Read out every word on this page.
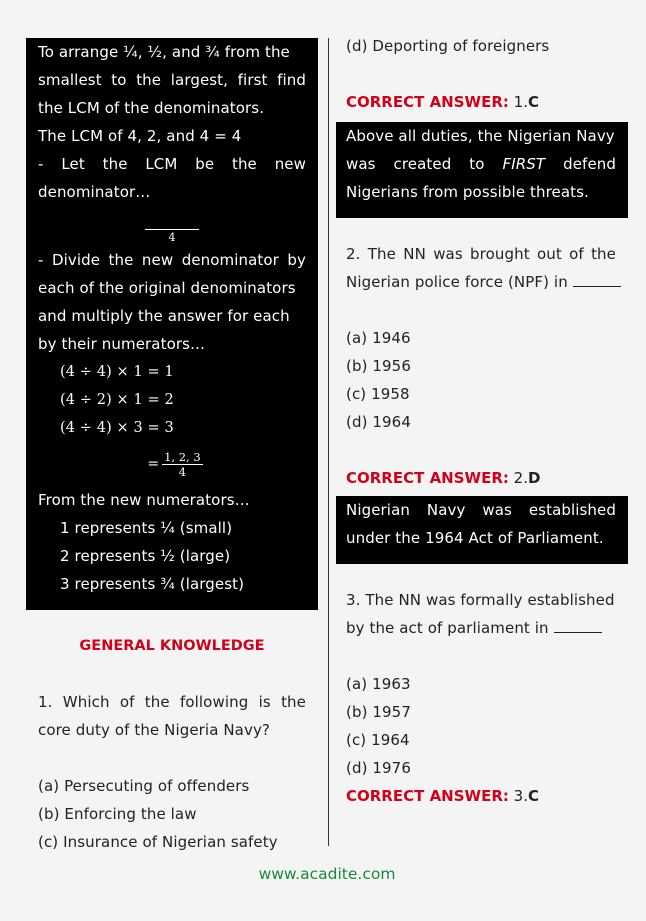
To arrange ¼, ½, and ¾ from the
smallest to the largest, first find
the LCM of the denominators.
The LCM of 4, 2, and 4 = 4
- Let the LCM be the new
denominator…
4
- Divide the new denominator by
each of the original denominators
and multiply the answer for each
by their numerators…
(4 ÷ 4) × 1 = 1
(4 ÷ 2) × 1 = 2
(4 ÷ 4) × 3 = 3
= $\frac{1, 2, 3}{4}$
From the new numerators…
1 represents ¼ (small)
2 represents ½ (large)
3 represents ¾ (largest)
GENERAL KNOWLEDGE
1. Which of the following is the
core duty of the Nigeria Navy?
(a) Persecuting of offenders
(b) Enforcing the law
(c) Insurance of Nigerian safety
(d) Deporting of foreigners
CORRECT ANSWER: 1.C
Above all duties, the Nigerian Navy
was created to FIRST defend
Nigerians from possible threats.
2. The NN was brought out of the
Nigerian police force (NPF) in
(a) 1946
(b) 1956
(c) 1958
(d) 1964
CORRECT ANSWER: 2.D
Nigerian Navy was established
under the 1964 Act of Parliament.
3. The NN was formally established
by the act of parliament in
(a) 1963
(b) 1957
(c) 1964
(d) 1976
CORRECT ANSWER: 3.C
www.acadite.com
